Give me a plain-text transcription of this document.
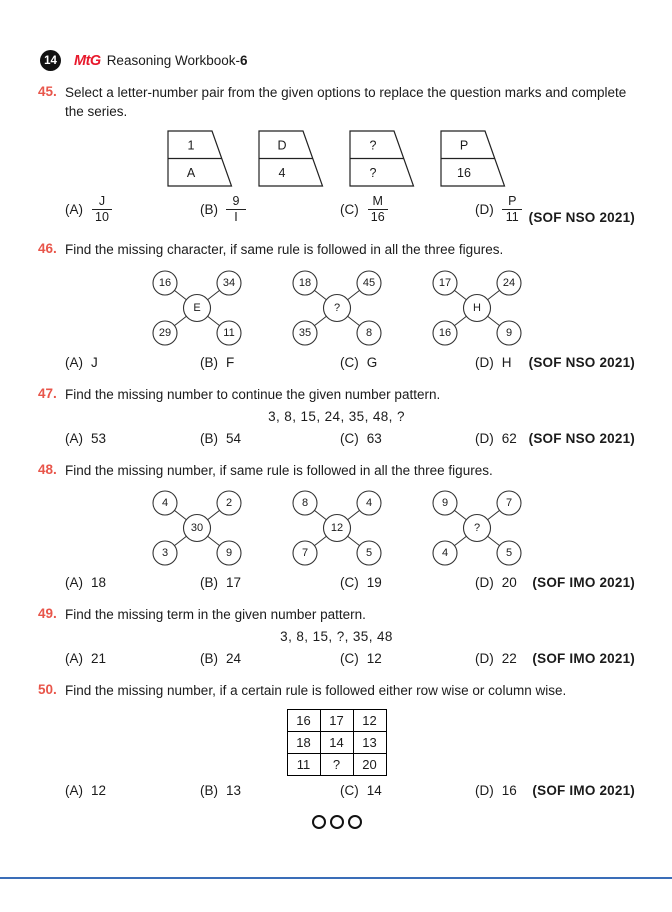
14 MtG Reasoning Workbook-6
45. Select a letter-number pair from the given options to replace the question marks and complete the series.

1
A
D
4
?
?
P
16
$(A) \frac{J}{10}$	$(B) \frac{9}{I}$	$(C) \frac{M}{16}$	$(D) \frac{P}{11} (SOF$ NSO 2021)
46. Find the missing character, if same rule is followed in all the three figures.

16	34
29	11
E
18	45
35	8
?
17	24
16	9
H
(A) J	(B) F	(C) G	(D) H (SOF NSO 2021)
47. Find the missing number to continue the given number pattern.

3, 8, 15, 24, 35, 48, ?
(A) 53	(B) 54	(C) 63	(D) 62 (SOF NSO 2021)
48. Find the missing number, if same rule is followed in all the three figures.

4	2
3	9
30
8	4
7	5
12
9	7
4	5
?
(A) 18	(B) 17	(C) 19	(D) 20 (SOF IMO 2021)
49. Find the missing term in the given number pattern.

3, 8, 15, ?, 35, 48
(A) 21	(B) 24	(C) 12	(D) 22 (SOF IMO 2021)
50. Find the missing number, if a certain rule is followed either row wise or column wise.

16	17	12
18	14	13
11	?	20
(A) 12	(B) 13	(C) 14	(D) 16 (SOF IMO 2021)
